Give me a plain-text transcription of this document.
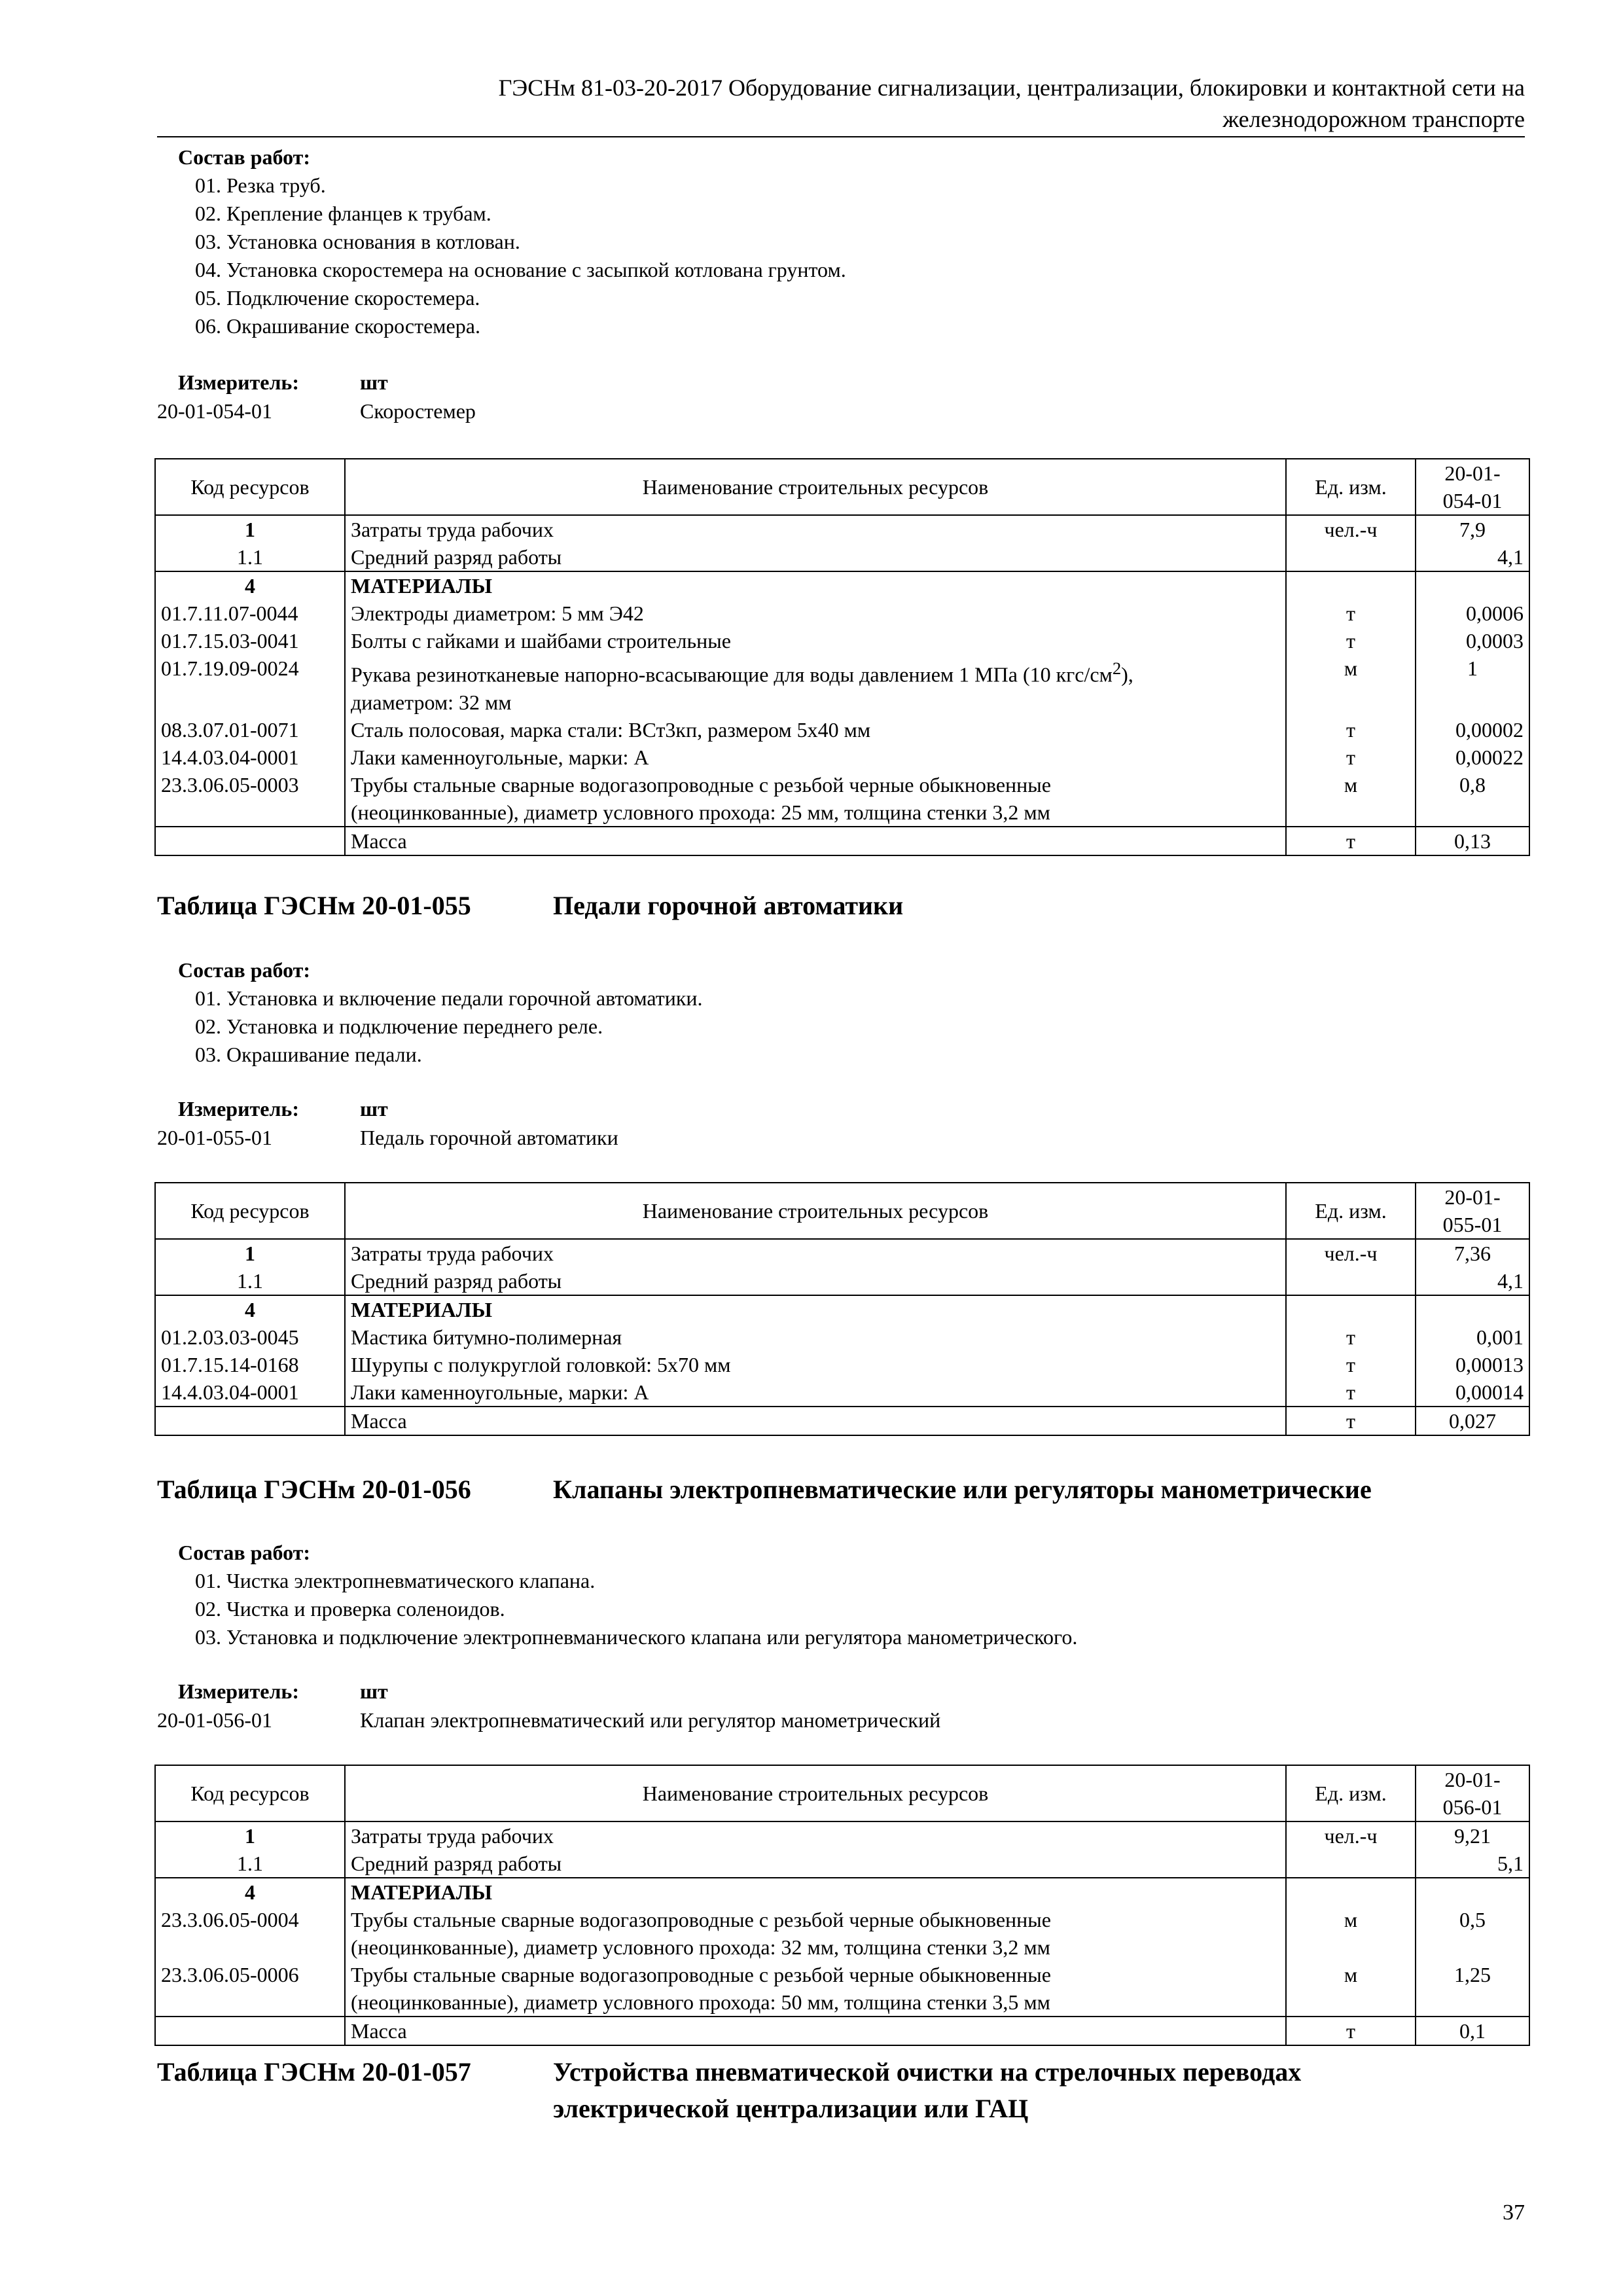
ГЭСНм 81-03-20-2017 Оборудование сигнализации, централизации, блокировки и контактной сети на
железнодорожном транспорте
Состав работ:
01. Резка труб.
02. Крепление фланцев к трубам.
03. Установка основания в котлован.
04. Установка скоростемера на основание с засыпкой котлована грунтом.
05. Подключение скоростемера.
06. Окрашивание скоростемера.
Измеритель:	шт
20-01-054-01	Скоростемер
Код ресурсов	Наименование строительных ресурсов	Ед. изм.	20-01-
054-01
1	Затраты труда рабочих	чел.-ч	7,9
1.1	Средний разряд работы		4,1
4	МАТЕРИАЛЫ		
01.7.11.07-0044	Электроды диаметром: 5 мм Э42	т	0,0006
01.7.15.03-0041	Болты с гайками и шайбами строительные	т	0,0003
01.7.19.09-0024	Рукава резинотканевые напорно-всасывающие для воды давлением 1 МПа (10 кгс/$см^2$),
диаметром: 32 мм	м	1
08.3.07.01-0071	Сталь полосовая, марка стали: ВСт3кп, размером 5x40 мм	т	0,00002
14.4.03.04-0001	Лаки каменноугольные, марки: А	т	0,00022
23.3.06.05-0003	Трубы стальные сварные водогазопроводные с резьбой черные обыкновенные
(неоцинкованные), диаметр условного прохода: 25 мм, толщина стенки 3,2 мм	м	0,8
	Масса	т	0,13
Таблица ГЭСНм 20-01-055	Педали горочной автоматики
Состав работ:
01. Установка и включение педали горочной автоматики.
02. Установка и подключение переднего реле.
03. Окрашивание педали.
Измеритель:	шт
20-01-055-01	Педаль горочной автоматики
Код ресурсов	Наименование строительных ресурсов	Ед. изм.	20-01-
055-01
1	Затраты труда рабочих	чел.-ч	7,36
1.1	Средний разряд работы		4,1
4	МАТЕРИАЛЫ		
01.2.03.03-0045	Мастика битумно-полимерная	т	0,001
01.7.15.14-0168	Шурупы с полукруглой головкой: 5x70 мм	т	0,00013
14.4.03.04-0001	Лаки каменноугольные, марки: А	т	0,00014
	Масса	т	0,027
Таблица ГЭСНм 20-01-056	Клапаны электропневматические или регуляторы манометрические
Состав работ:
01. Чистка электропневматического клапана.
02. Чистка и проверка соленоидов.
03. Установка и подключение электропневманического клапана или регулятора манометрического.
Измеритель:	шт
20-01-056-01	Клапан электропневматический или регулятор манометрический
Код ресурсов	Наименование строительных ресурсов	Ед. изм.	20-01-
056-01
1	Затраты труда рабочих	чел.-ч	9,21
1.1	Средний разряд работы		5,1
4	МАТЕРИАЛЫ		
23.3.06.05-0004	Трубы стальные сварные водогазопроводные с резьбой черные обыкновенные
(неоцинкованные), диаметр условного прохода: 32 мм, толщина стенки 3,2 мм	м	0,5
23.3.06.05-0006	Трубы стальные сварные водогазопроводные с резьбой черные обыкновенные
(неоцинкованные), диаметр условного прохода: 50 мм, толщина стенки 3,5 мм	м	1,25
	Масса	т	0,1
Таблица ГЭСНм 20-01-057	Устройства пневматической очистки на стрелочных переводах
электрической централизации или ГАЦ
37
